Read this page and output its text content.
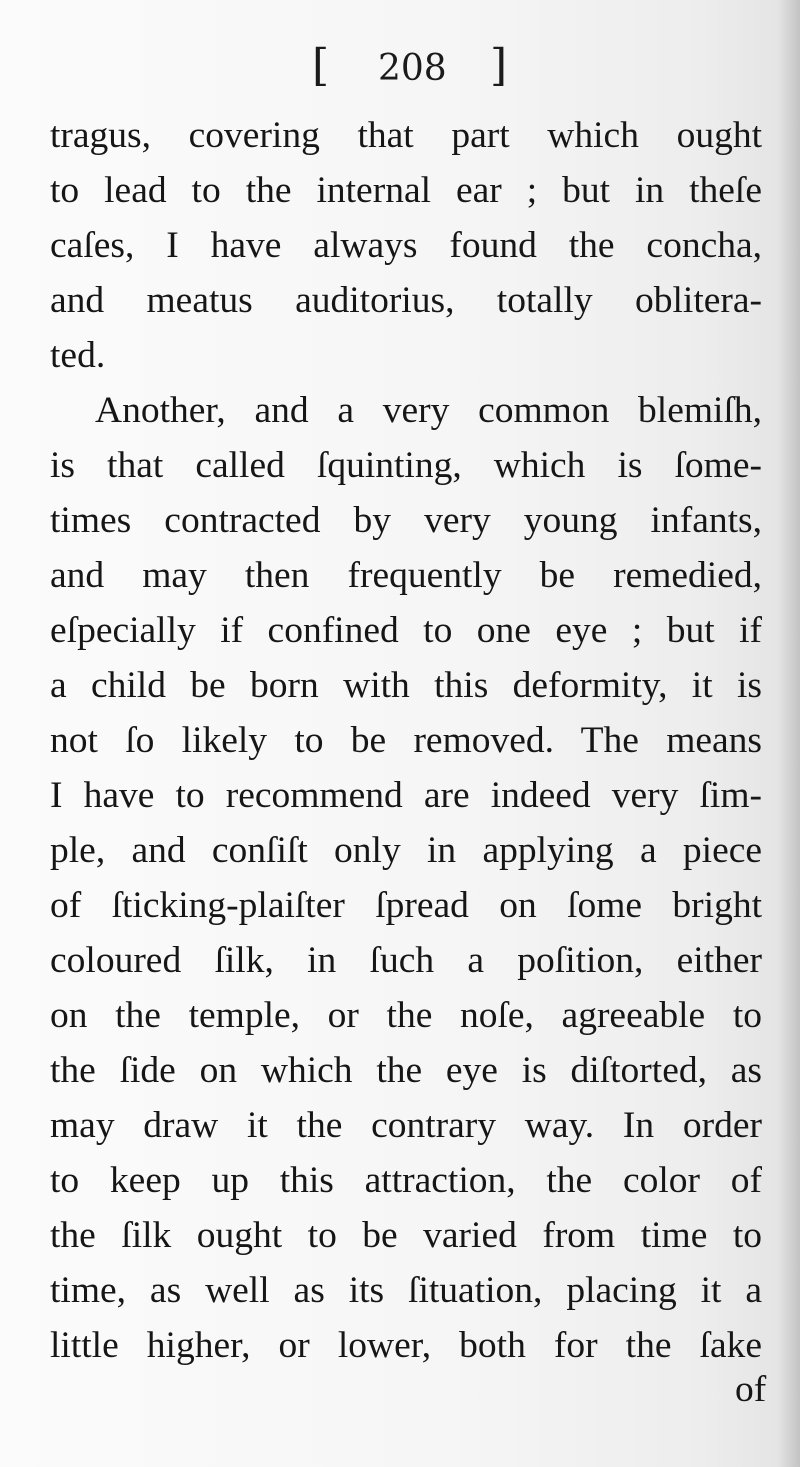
[ 208 ]
tragus, covering that part which ought
to lead to the internal ear ; but in theſe
caſes, I have always found the concha,
and meatus auditorius, totally obliterа-
ted.
Another, and a very common blemiſh,
is that called ſquinting, which is ſome-
times contracted by very young infants,
and may then frequently be remedied,
eſpecially if confined to one eye ; but if
a child be born with this deformity, it is
not ſo likely to be removed. The means
I have to recommend are indeed very ſim-
ple, and conſiſt only in applying a piece
of ſticking-plaiſter ſpread on ſome bright
coloured ſilk, in ſuch a poſition, either
on the temple, or the noſe, agreeable to
the ſide on which the eye is diſtorted, as
may draw it the contrary way. In order
to keep up this attraction, the color of
the ſilk ought to be varied from time to
time, as well as its ſituation, placing it a
little higher, or lower, both for the ſake
of
